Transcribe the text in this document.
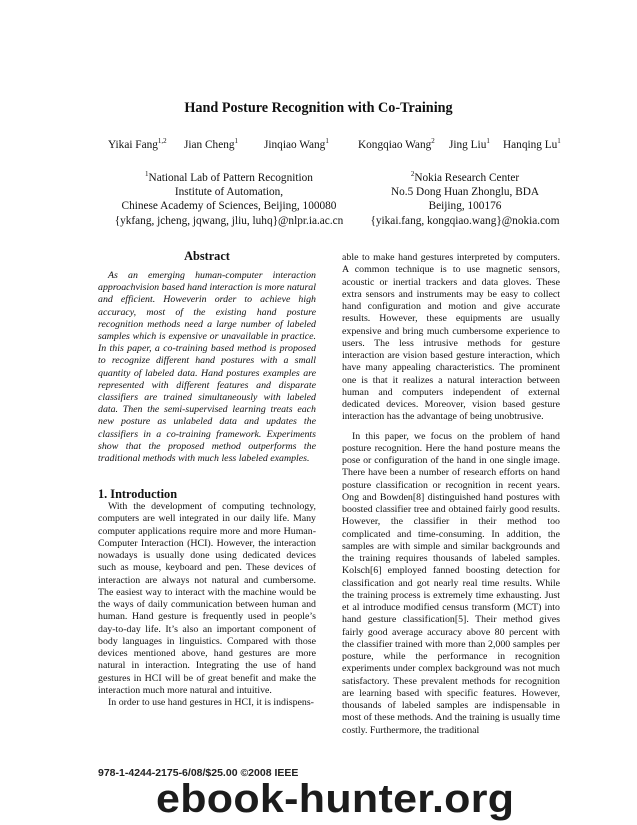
Hand Posture Recognition with Co-Training
Yikai Fang$^{1,2}$ Jian Cheng$^1$ Jinqiao Wang$^1$	Kongqiao Wang$^2$ Jing Liu$^1$ Hanqing Lu$^1$
$^1$National Lab of Pattern Recognition
Institute of Automation,
Chinese Academy of Sciences, Beijing, 100080
{ykfang, jcheng, jqwang, jliu, luhq}@nlpr.ia.ac.cn
$^2$Nokia Research Center
No.5 Dong Huan Zhonglu, BDA
Beijing, 100176
{yikai.fang, kongqiao.wang}@nokia.com
Abstract
As an emerging human-computer interaction approachvision based hand interaction is more natural and efficient. Howeverin order to achieve high accuracy, most of the existing hand posture recognition methods need a large number of labeled samples which is expensive or unavailable in practice. In this paper, a co-training based method is proposed to recognize different hand postures with a small quantity of labeled data. Hand postures examples are represented with different features and disparate classifiers are trained simultaneously with labeled data. Then the semi-supervised learning treats each new posture as unlabeled data and updates the classifiers in a co-training framework. Experiments show that the proposed method outperforms the traditional methods with much less labeled examples.
1. Introduction

With the development of computing technology, computers are well integrated in our daily life. Many computer applications require more and more Human-Computer Interaction (HCI). However, the interaction nowadays is usually done using dedicated devices such as mouse, keyboard and pen. These devices of interaction are always not natural and cumbersome. The easiest way to interact with the machine would be the ways of daily communication between human and human. Hand gesture is frequently used in people’s day-to-day life. It’s also an important component of body languages in linguistics. Compared with those devices mentioned above, hand gestures are more natural in interaction. Integrating the use of hand gestures in HCI will be of great benefit and make the interaction much more natural and intuitive.

In order to use hand gestures in HCI, it is indispens-

able to make hand gestures interpreted by computers. A common technique is to use magnetic sensors, acoustic or inertial trackers and data gloves. These extra sensors and instruments may be easy to collect hand configuration and motion and give accurate results. However, these equipments are usually expensive and bring much cumbersome experience to users. The less intrusive methods for gesture interaction are vision based gesture interaction, which have many appealing characteristics. The prominent one is that it realizes a natural interaction between human and computers independent of external dedicated devices. Moreover, vision based gesture interaction has the advantage of being unobtrusive.

In this paper, we focus on the problem of hand posture recognition. Here the hand posture means the pose or configuration of the hand in one single image. There have been a number of research efforts on hand posture classification or recognition in recent years. Ong and Bowden[8] distinguished hand postures with boosted classifier tree and obtained fairly good results. However, the classifier in their method too complicated and time-consuming. In addition, the samples are with simple and similar backgrounds and the training requires thousands of labeled samples. Kolsch[6] employed fanned boosting detection for classification and got nearly real time results. While the training process is extremely time exhausting. Just et al introduce modified census transform (MCT) into hand gesture classification[5]. Their method gives fairly good average accuracy above 80 percent with the classifier trained with more than 2,000 samples per posture, while the performance in recognition experiments under complex background was not much satisfactory. These prevalent methods for recognition are learning based with specific features. However, thousands of labeled samples are indispensable in most of these methods. And the training is usually time costly. Furthermore, the traditional

978-1-4244-2175-6/08/$25.00 ©2008 IEEE
ebook-hunter.org
